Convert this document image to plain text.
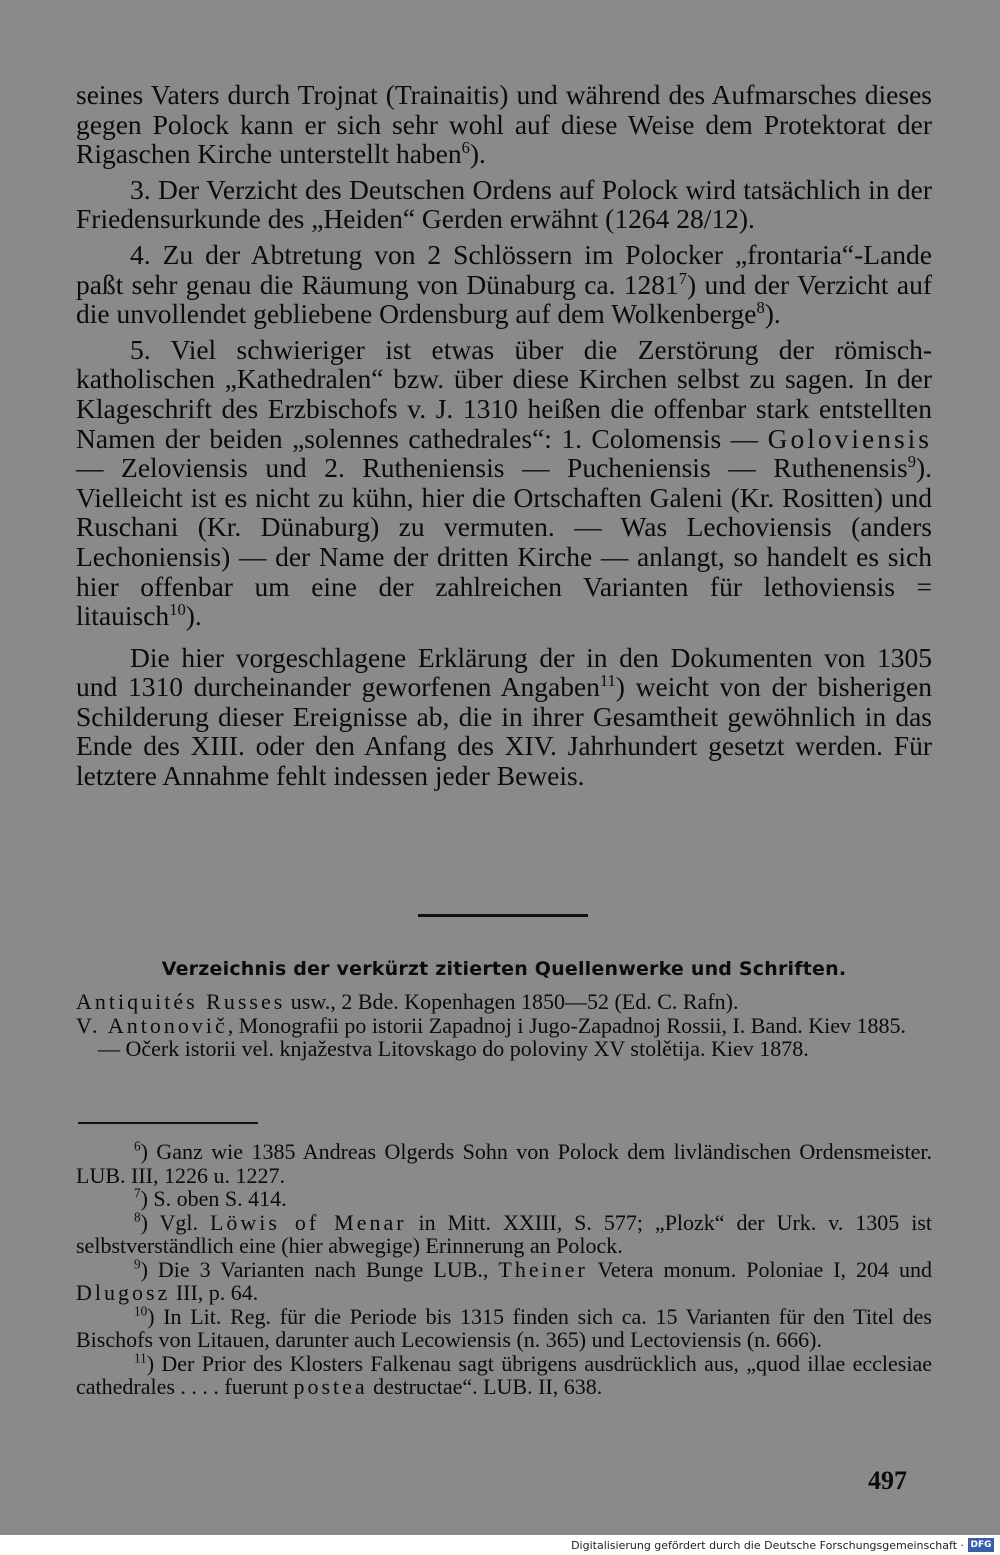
seines Vaters durch Trojnat (Trainaitis) und während des Aufmarsches dieses gegen Polock kann er sich sehr wohl auf diese Weise dem Protektorat der Rigaschen Kirche unterstellt haben$^6$).

3. Der Verzicht des Deutschen Ordens auf Polock wird tatsächlich in der Friedensurkunde des „Heiden“ Gerden erwähnt (1264 28/12).

4. Zu der Abtretung von 2 Schlössern im Polocker „frontaria“-Lande paßt sehr genau die Räumung von Dünaburg ca. 1281$^7$) und der Verzicht auf die unvollendet gebliebene Ordensburg auf dem Wolkenberge$^8$).

5. Viel schwieriger ist etwas über die Zerstörung der römisch-katholischen „Kathedralen“ bzw. über diese Kirchen selbst zu sagen. In der Klageschrift des Erzbischofs v. J. 1310 heißen die offenbar stark entstellten Namen der beiden „solennes cathedrales“: 1. Colomensis — Goloviensis — Zeloviensis und 2. Rutheniensis — Pucheniensis — Ruthenensis$^9$). Vielleicht ist es nicht zu kühn, hier die Ortschaften Galeni (Kr. Rositten) und Ruschani (Kr. Dünaburg) zu vermuten. — Was Lechoviensis (anders Lechoniensis) — der Name der dritten Kirche — anlangt, so handelt es sich hier offenbar um eine der zahlreichen Varianten für lethoviensis = litauisch$^{10}$).

Die hier vorgeschlagene Erklärung der in den Dokumenten von 1305 und 1310 durcheinander geworfenen Angaben$^{11}$) weicht von der bisherigen Schilderung dieser Ereignisse ab, die in ihrer Gesamtheit gewöhnlich in das Ende des XIII. oder den Anfang des XIV. Jahrhundert gesetzt werden. Für letztere Annahme fehlt indessen jeder Beweis.

Verzeichnis der verkürzt zitierten Quellenwerke und Schriften.

Antiquités Russes usw., 2 Bde. Kopenhagen 1850—52 (Ed. C. Rafn).

V. Antonovič, Monografii po istorii Zapadnoj i Jugo-Zapadnoj Rossii, I. Band. Kiev 1885.

— Očerk istorii vel. knjažestva Litovskago do poloviny XV stolětija. Kiev 1878.

$^6$) Ganz wie 1385 Andreas Olgerds Sohn von Polock dem livländischen Ordensmeister. LUB. III, 1226 u. 1227.

$^7$) S. oben S. 414.

$^8$) Vgl. Löwis of Menar in Mitt. XXIII, S. 577; „Plozk“ der Urk. v. 1305 ist selbstverständlich eine (hier abwegige) Erinnerung an Polock.

$^9$) Die 3 Varianten nach Bunge LUB., Theiner Vetera monum. Poloniae I, 204 und Dlugosz III, p. 64.

$^{10}$) In Lit. Reg. für die Periode bis 1315 finden sich ca. 15 Varianten für den Titel des Bischofs von Litauen, darunter auch Lecowiensis (n. 365) und Lectoviensis (n. 666).

$^{11}$) Der Prior des Klosters Falkenau sagt übrigens ausdrücklich aus, „quod illae ecclesiae cathedrales . . . . fuerunt postea destructae“. LUB. II, 638.

497
Digitalisierung gefördert durch die Deutsche Forschungsgemeinschaft · DFG
